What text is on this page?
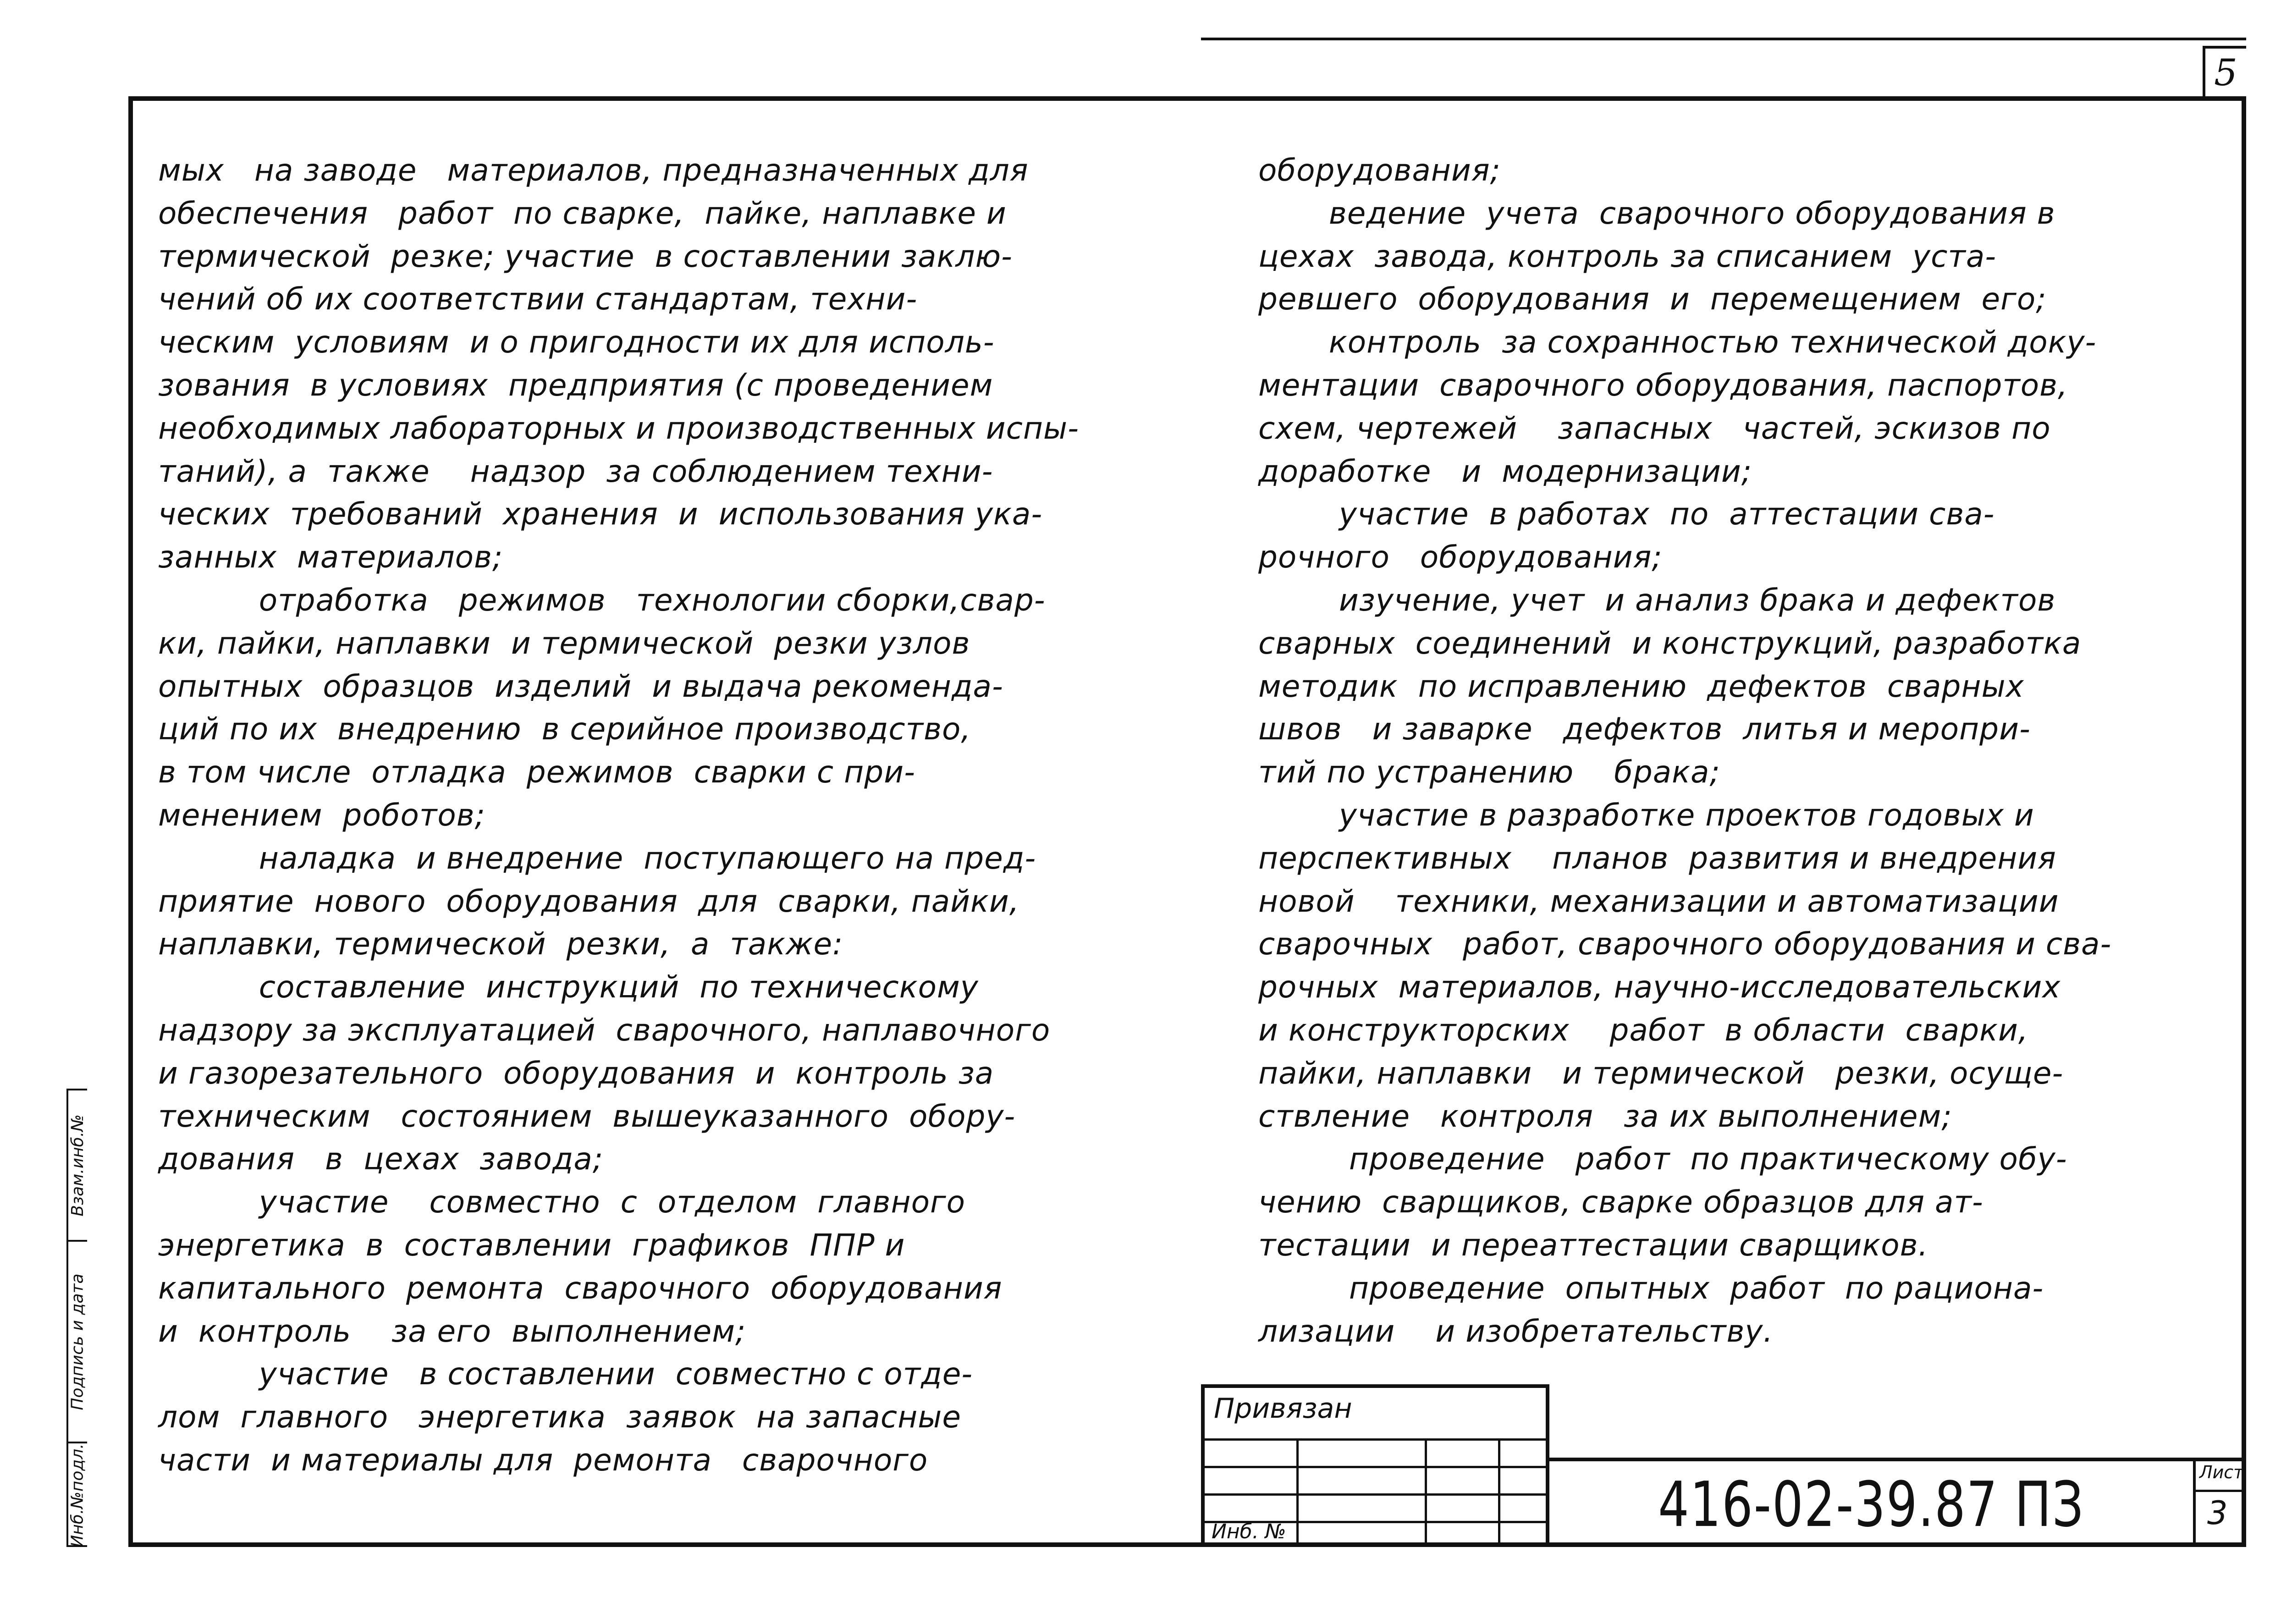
5
мых   на заводе   материалов, предназначенных для
обеспечения   работ  по сварке,  пайке, наплавке и
термической  резке; участие  в составлении заклю-
чений об их соответствии стандартам, техни-
ческим  условиям  и о пригодности их для исполь-
зования  в условиях  предприятия (с проведением
необходимых лабораторных и производственных испы-
таний), а  также    надзор  за соблюдением техни-
ческих  требований  хранения  и  использования ука-
занных  материалов;
отработка   режимов   технологии сборки,свар-
ки, пайки, наплавки  и термической  резки узлов
опытных  образцов  изделий  и выдача рекоменда-
ций по их  внедрению  в серийное производство,
в том числе  отладка  режимов  сварки с при-
менением  роботов;
наладка  и внедрение  поступающего на пред-
приятие  нового  оборудования  для  сварки, пайки,
наплавки, термической  резки,  а  также:
составление  инструкций  по техническому
надзору за эксплуатацией  сварочного, наплавочного
и газорезательного  оборудования  и  контроль за
техническим   состоянием  вышеуказанного  обору-
дования   в  цехах  завода;
участие    совместно  с  отделом  главного
энергетика  в  составлении  графиков  ППР и
капитального  ремонта  сварочного  оборудования
и  контроль    за его  выполнением;
участие   в составлении  совместно с отде-
лом  главного   энергетика  заявок  на запасные
части  и материалы для  ремонта   сварочного
оборудования;
ведение  учета  сварочного оборудования в
цехах  завода, контроль за списанием  уста-
ревшего  оборудования  и  перемещением  его;
контроль  за сохранностью технической доку-
ментации  сварочного оборудования, паспортов,
схем, чертежей    запасных   частей, эскизов по
доработке   и  модернизации;
участие  в работах  по  аттестации сва-
рочного   оборудования;
изучение, учет  и анализ брака и дефектов
сварных  соединений  и конструкций, разработка
методик  по исправлению  дефектов  сварных
швов   и заварке   дефектов  литья и меропри-
тий по устранению    брака;
участие в разработке проектов годовых и
перспективных    планов  развития и внедрения
новой    техники, механизации и автоматизации
сварочных   работ, сварочного оборудования и сва-
рочных  материалов, научно-исследовательских
и конструкторских    работ  в области  сварки,
пайки, наплавки   и термической   резки, осуще-
ствление   контроля   за их выполнением;
проведение   работ  по практическому обу-
чению  сварщиков, сварке образцов для ат-
тестации  и переаттестации сварщиков.
проведение  опытных  работ  по рациона-
лизации    и изобретательству.
Взам.инб.№
Подпись и дата
Инб.№подл.
Привязан
Инб. №	416-02-39.87 ПЗ	Лист
3
